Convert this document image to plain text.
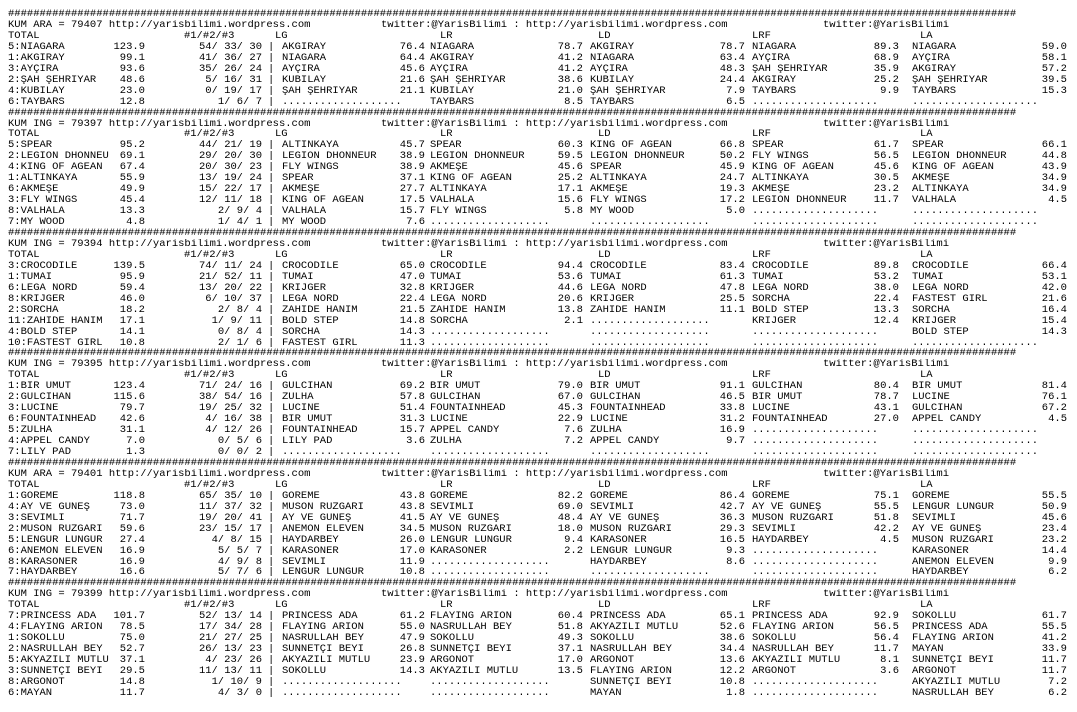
################################################################################################################################################################
KUM ARA = 79407 http://yarisbilimi.wordpress.com	twitter:@YarisBilimi : http://yarisbilimi.wordpress.com	twitter:@YarisBilimi
TOTAL	#1/#2/#3	LG	LR	LD	LRF	LA
5:NIAGARA	123.9	54/ 33/ 30 | AKGİRAY	76.4 NIAGARA	78.7 AKGİRAY	78.7 NIAGARA	89.3 NIAGARA	59.0
1:AKGİRAY	99.1	41/ 36/ 27 | NIAGARA	64.4 AKGİRAY	41.2 NIAGARA	63.4 AYÇIRA	68.9 AYÇIRA	58.1
3:AYÇIRA	93.6	35/ 26/ 24 | AYÇIRA	45.6 AYÇIRA	41.2 AYÇIRA	48.3 ŞAH ŞEHRİYAR	35.9 AKGİRAY	57.2
2:ŞAH ŞEHRİYAR 48.6	5/ 16/ 31 | KUBİLAY	21.6 ŞAH ŞEHRİYAR	38.6 KUBİLAY	24.4 AKGİRAY	25.2 ŞAH ŞEHRİYAR	39.5
4:KUBİLAY	23.0	0/ 19/ 17 | ŞAH ŞEHRİYAR	21.1 KUBİLAY	21.0 ŞAH ŞEHRİYAR	7.9 TAYBARS	9.9 TAYBARS	15.3
6:TAYBARS	12.8	1/ 6/ 7 | ...................	TAYBARS	8.5 TAYBARS	6.5 ....................	....................
################################################################################################################################################################
KUM ING = 79397 http://yarisbilimi.wordpress.com	twitter:@YarisBilimi : http://yarisbilimi.wordpress.com	twitter:@YarisBilimi
TOTAL	#1/#2/#3	LG	LR	LD	LRF	LA
5:SPEAR	95.2	44/ 21/ 19 | ALTINKAYA	45.7 SPEAR	60.3 KING OF AGEAN	66.8 SPEAR	61.7 SPEAR	66.1
2:LEGION DHONNEU 69.1	29/ 20/ 30 | LEGION DHONNEUR 38.9 LEGION DHONNEUR	59.5 LEGION DHONNEUR	50.2 FLY WINGS	56.5 LEGION DHONNEUR	44.8
4:KING OF AGEAN 67.4	20/ 30/ 23 | FLY WINGS	38.9 AKMEŞE	45.6 SPEAR	45.9 KING OF AGEAN	45.6 KING OF AGEAN	43.9
1:ALTINKAYA	55.9	13/ 19/ 24 | SPEAR	37.1 KING OF AGEAN	25.2 ALTINKAYA	24.7 ALTINKAYA	30.5 AKMEŞE	34.9
6:AKMEŞE	49.9	15/ 22/ 17 | AKMEŞE	27.7 ALTINKAYA	17.1 AKMEŞE	19.3 AKMEŞE	23.2 ALTINKAYA	34.9
3:FLY WINGS	45.4	12/ 11/ 18 | KING OF AGEAN	17.5 VALHALA	15.6 FLY WINGS	17.2 LEGION DHONNEUR	11.7 VALHALA	4.5
8:VALHALA	13.3	2/ 9/ 4 | VALHALA	15.7 FLY WINGS	5.8 MY WOOD	5.0 ....................	....................
7:MY WOOD	4.8	1/ 4/ 1 | MY WOOD	7.6 ...................	...................	....................	....................
################################################################################################################################################################
KUM ING = 79394 http://yarisbilimi.wordpress.com	twitter:@YarisBilimi : http://yarisbilimi.wordpress.com	twitter:@YarisBilimi
TOTAL	#1/#2/#3	LG	LR	LD	LRF	LA
3:CROCODILE	139.5	74/ 11/ 24 | CROCODILE	65.0 CROCODILE	94.4 CROCODILE	83.4 CROCODILE	89.8 CROCODILE	66.4
1:TUMAI	95.9	21/ 52/ 11 | TUMAI	47.0 TUMAI	53.6 TUMAI	61.3 TUMAI	53.2 TUMAI	53.1
6:LEGA NORD	59.4	13/ 20/ 22 | KRIJGER	32.8 KRIJGER	44.6 LEGA NORD	47.8 LEGA NORD	38.0 LEGA NORD	42.0
8:KRIJGER	46.0	6/ 10/ 37 | LEGA NORD	22.4 LEGA NORD	20.6 KRIJGER	25.5 SORCHA	22.4 FASTEST GIRL	21.6
2:SORCHA	18.2	2/ 8/ 4 | ZAHİDE HANIM	21.5 ZAHİDE HANIM	13.8 ZAHİDE HANIM	11.1 BOLD STEP	13.3 SORCHA	16.4
11:ZAHİDE HANIM 17.1	1/ 9/ 11 | BOLD STEP	14.8 SORCHA	2.1 ...................	KRIJGER	12.4 KRIJGER	15.4
4:BOLD STEP	14.1	0/ 8/ 4 | SORCHA	14.3 ...................	...................	....................	BOLD STEP	14.3
10:FASTEST GIRL 10.8	2/ 1/ 6 | FASTEST GIRL	11.3 ...................	...................	....................	....................
################################################################################################################################################################
KUM ING = 79395 http://yarisbilimi.wordpress.com	twitter:@YarisBilimi : http://yarisbilimi.wordpress.com	twitter:@YarisBilimi
TOTAL	#1/#2/#3	LG	LR	LD	LRF	LA
1:BİR UMUT	123.4	71/ 24/ 16 | GÜLCİHAN	69.2 BİR UMUT	79.0 BİR UMUT	91.1 GÜLCİHAN	80.4 BİR UMUT	81.4
2:GÜLCİHAN	115.6	38/ 54/ 16 | ZÜLHA	57.8 GÜLCİHAN	67.0 GÜLCİHAN	46.5 BİR UMUT	78.7 LUCINE	76.1
3:LUCINE	79.7	19/ 25/ 32 | LUCINE	51.4 FOUNTAINHEAD	45.3 FOUNTAINHEAD	33.8 LUCINE	43.1 GÜLCİHAN	67.2
6:FOUNTAINHEAD 42.6	4/ 16/ 38 | BİR UMUT	31.3 LUCINE	22.9 LUCINE	31.2 FOUNTAINHEAD	27.0 APPEL CANDY	4.5
5:ZÜLHA	31.1	4/ 12/ 26 | FOUNTAINHEAD	15.7 APPEL CANDY	7.6 ZÜLHA	16.9 ....................	....................
4:APPEL CANDY	7.0	0/ 5/ 6 | LILY PAD	3.6 ZÜLHA	7.2 APPEL CANDY	9.7 ....................	....................
7:LILY PAD	1.3	0/ 0/ 2 | ...................	...................	...................	....................	....................
################################################################################################################################################################
KUM ARA = 79401 http://yarisbilimi.wordpress.com	twitter:@YarisBilimi : http://yarisbilimi.wordpress.com	twitter:@YarisBilimi
TOTAL	#1/#2/#3	LG	LR	LD	LRF	LA
1:GÖREME	118.8	65/ 35/ 10 | GÖREME	43.8 GÖREME	82.2 GÖREME	86.4 GÖREME	75.1 GÖREME	55.5
4:AY VE GÜNEŞ	73.0	11/ 37/ 32 | MUSON RÜZGARI	43.8 SEVİMLİ	69.0 SEVİMLİ	42.7 AY VE GÜNEŞ	55.5 LENGÜR LÜNGÜR	50.9
3:SEVİMLİ	71.7	19/ 20/ 41 | AY VE GÜNEŞ	41.5 AY VE GÜNEŞ	48.4 AY VE GÜNEŞ	36.3 MUSON RÜZGARI	51.8 SEVİMLİ	45.6
2:MUSON RÜZGARI 59.6	23/ 15/ 17 | ANEMON ELEVEN	34.5 MUSON RÜZGARI	18.0 MUSON RÜZGARI	29.3 SEVİMLİ	42.2 AY VE GÜNEŞ	23.4
5:LENGÜR LÜNGÜR 27.4	4/ 8/ 15 | HAYDARBEY	26.0 LENGÜR LÜNGÜR	9.4 KARASONER	16.5 HAYDARBEY	4.5 MUSON RÜZGARI	23.2
6:ANEMON ELEVEN 16.9	5/ 5/ 7 | KARASONER	17.0 KARASONER	2.2 LENGÜR LÜNGÜR	9.3 ....................	KARASONER	14.4
8:KARASONER	16.9	4/ 9/ 8 | SEVİMLİ	11.9 ...................	HAYDARBEY	8.6 ....................	ANEMON ELEVEN	9.9
7:HAYDARBEY	16.6	5/ 7/ 6 | LENGÜR LÜNGÜR	10.8 ...................	...................	....................	HAYDARBEY	6.2
################################################################################################################################################################
KUM ING = 79399 http://yarisbilimi.wordpress.com	twitter:@YarisBilimi : http://yarisbilimi.wordpress.com	twitter:@YarisBilimi
TOTAL	#1/#2/#3	LG	LR	LD	LRF	LA
7:PRINCESS ADA 101.7	52/ 13/ 14 | PRINCESS ADA	61.2 FLAYING ARION	60.4 PRINCESS ADA	65.1 PRINCESS ADA	92.9 SOKOLLU	61.7
4:FLAYING ARION 78.5	17/ 34/ 28 | FLAYING ARION	55.0 NASRULLAH BEY	51.8 AKYAZILI MUTLU	52.6 FLAYING ARION	56.5 PRINCESS ADA	55.5
1:SOKOLLU	75.0	21/ 27/ 25 | NASRULLAH BEY	47.9 SOKOLLU	49.3 SOKOLLU	38.6 SOKOLLU	56.4 FLAYING ARION	41.2
2:NASRULLAH BEY 52.7	26/ 13/ 23 | SÜNNETÇİ BEYİ	26.8 SÜNNETÇİ BEYİ	37.1 NASRULLAH BEY	34.4 NASRULLAH BEY	11.7 MAYAN	33.9
5:AKYAZILI MUTLU 37.1	4/ 23/ 26 | AKYAZILI MUTLU	23.9 ARGONOT	17.0 ARGONOT	13.6 AKYAZILI MUTLU	8.1 SÜNNETÇİ BEYİ	11.7
3:SÜNNETÇİ BEYİ 29.5	11/ 13/ 11 | SOKOLLU	14.3 AKYAZILI MUTLU	13.5 FLAYING ARION	12.2 ARGONOT	3.6 ARGONOT	11.7
8:ARGONOT	14.8	1/ 10/ 9 | ...................	...................	SÜNNETÇİ BEYİ	10.8 ....................	AKYAZILI MUTLU	7.2
6:MAYAN	11.7	4/ 3/ 0 | ...................	...................	MAYAN	1.8 ....................	NASRULLAH BEY	6.2
